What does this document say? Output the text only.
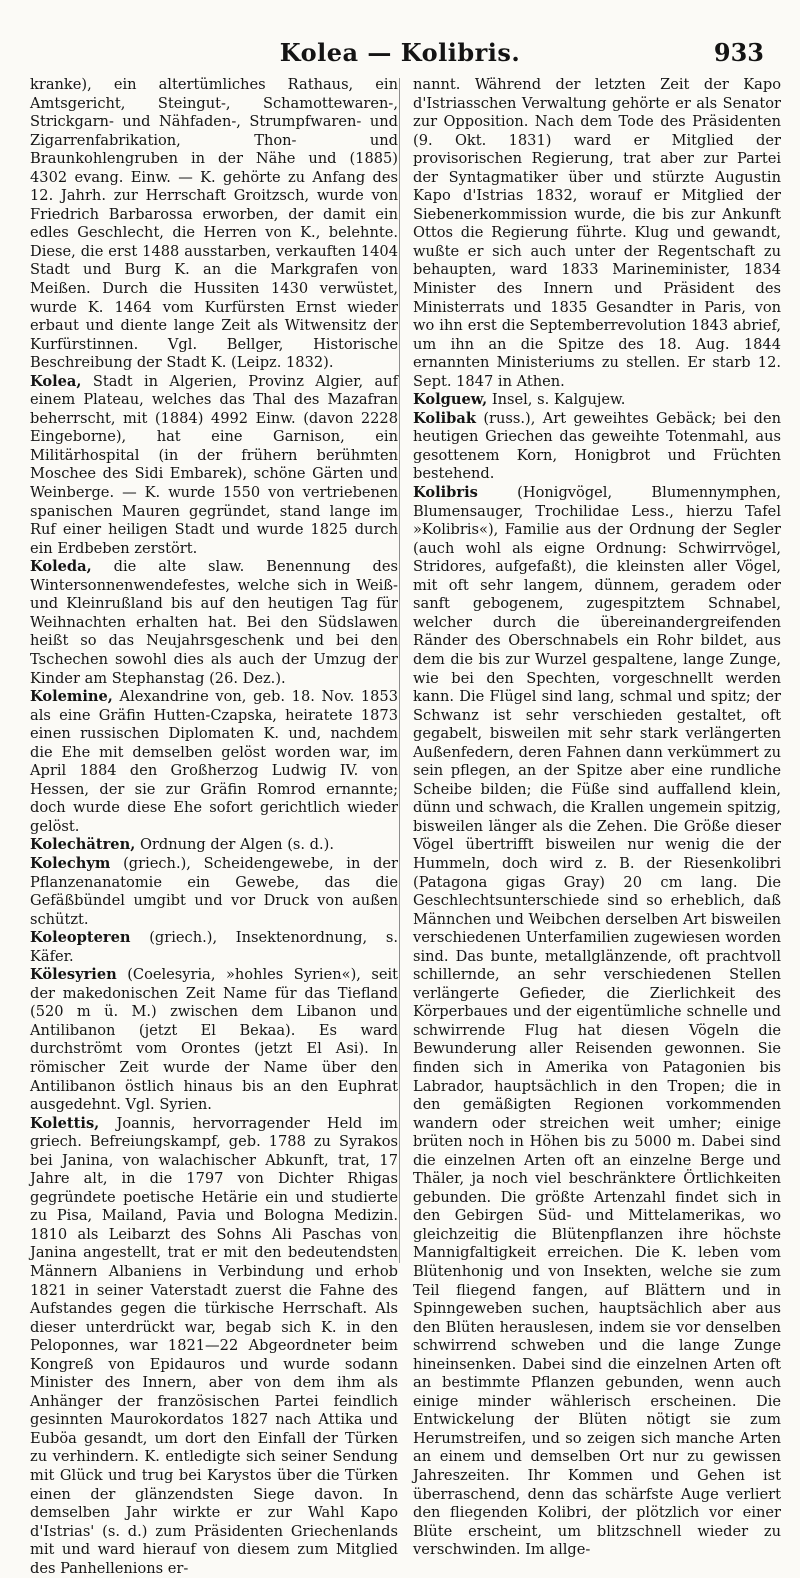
Kolea — Kolibris.	933

kranke), ein altertümliches Rathaus, ein Amtsgericht, Steingut-, Schamottewaren-, Strickgarn- und Nähfaden-, Strumpfwaren- und Zigarrenfabrikation, Thon- und Braunkohlengruben in der Nähe und (1885) 4302 evang. Einw. — K. gehörte zu Anfang des 12. Jahrh. zur Herrschaft Groitzsch, wurde von Friedrich Barbarossa erworben, der damit ein edles Geschlecht, die Herren von K., belehnte. Diese, die erst 1488 ausstarben, verkauften 1404 Stadt und Burg K. an die Markgrafen von Meißen. Durch die Hussiten 1430 verwüstet, wurde K. 1464 vom Kurfürsten Ernst wieder erbaut und diente lange Zeit als Witwensitz der Kurfürstinnen. Vgl. Bellger, Historische Beschreibung der Stadt K. (Leipz. 1832).

Kolea, Stadt in Algerien, Provinz Algier, auf einem Plateau, welches das Thal des Mazafran beherrscht, mit (1884) 4992 Einw. (davon 2228 Eingeborne), hat eine Garnison, ein Militärhospital (in der frühern berühmten Moschee des Sidi Embarek), schöne Gärten und Weinberge. — K. wurde 1550 von vertriebenen spanischen Mauren gegründet, stand lange im Ruf einer heiligen Stadt und wurde 1825 durch ein Erdbeben zerstört.

Koleda, die alte slaw. Benennung des Wintersonnenwendefestes, welche sich in Weiß- und Kleinrußland bis auf den heutigen Tag für Weihnachten erhalten hat. Bei den Südslawen heißt so das Neujahrsgeschenk und bei den Tschechen sowohl dies als auch der Umzug der Kinder am Stephanstag (26. Dez.).

Kolemine, Alexandrine von, geb. 18. Nov. 1853 als eine Gräfin Hutten-Czapska, heiratete 1873 einen russischen Diplomaten K. und, nachdem die Ehe mit demselben gelöst worden war, im April 1884 den Großherzog Ludwig IV. von Hessen, der sie zur Gräfin Romrod ernannte; doch wurde diese Ehe sofort gerichtlich wieder gelöst.

Kolechätren, Ordnung der Algen (s. d.).

Kolechym (griech.), Scheidengewebe, in der Pflanzenanatomie ein Gewebe, das die Gefäßbündel umgibt und vor Druck von außen schützt.

Koleopteren (griech.), Insektenordnung, s. Käfer.

Kölesyrien (Coelesyria, »hohles Syrien«), seit der makedonischen Zeit Name für das Tiefland (520 m ü. M.) zwischen dem Libanon und Antilibanon (jetzt El Bekaa). Es ward durchströmt vom Orontes (jetzt El Asi). In römischer Zeit wurde der Name über den Antilibanon östlich hinaus bis an den Euphrat ausgedehnt. Vgl. Syrien.

Kolettis, Joannis, hervorragender Held im griech. Befreiungskampf, geb. 1788 zu Syrakos bei Janina, von walachischer Abkunft, trat, 17 Jahre alt, in die 1797 von Dichter Rhigas gegründete poetische Hetärie ein und studierte zu Pisa, Mailand, Pavia und Bologna Medizin. 1810 als Leibarzt des Sohns Ali Paschas von Janina angestellt, trat er mit den bedeutendsten Männern Albaniens in Verbindung und erhob 1821 in seiner Vaterstadt zuerst die Fahne des Aufstandes gegen die türkische Herrschaft. Als dieser unterdrückt war, begab sich K. in den Peloponnes, war 1821—22 Abgeordneter beim Kongreß von Epidauros und wurde sodann Minister des Innern, aber von dem ihm als Anhänger der französischen Partei feindlich gesinnten Maurokordatos 1827 nach Attika und Euböa gesandt, um dort den Einfall der Türken zu verhindern. K. entledigte sich seiner Sendung mit Glück und trug bei Karystos über die Türken einen der glänzendsten Siege davon. In demselben Jahr wirkte er zur Wahl Kapo d'Istrias' (s. d.) zum Präsidenten Griechenlands mit und ward hierauf von diesem zum Mitglied des Panhellenions er-

nannt. Während der letzten Zeit der Kapo d'Istriasschen Verwaltung gehörte er als Senator zur Opposition. Nach dem Tode des Präsidenten (9. Okt. 1831) ward er Mitglied der provisorischen Regierung, trat aber zur Partei der Syntagmatiker über und stürzte Augustin Kapo d'Istrias 1832, worauf er Mitglied der Siebenerkommission wurde, die bis zur Ankunft Ottos die Regierung führte. Klug und gewandt, wußte er sich auch unter der Regentschaft zu behaupten, ward 1833 Marineminister, 1834 Minister des Innern und Präsident des Ministerrats und 1835 Gesandter in Paris, von wo ihn erst die Septemberrevolution 1843 abrief, um ihn an die Spitze des 18. Aug. 1844 ernannten Ministeriums zu stellen. Er starb 12. Sept. 1847 in Athen.

Kolguew, Insel, s. Kalgujew.

Kolibak (russ.), Art geweihtes Gebäck; bei den heutigen Griechen das geweihte Totenmahl, aus gesottenem Korn, Honigbrot und Früchten bestehend.

Kolibris	(Honigvögel, Blumennymphen, Blumensauger, Trochilidae Less., hierzu Tafel »Kolibris«), Familie aus der Ordnung der Segler (auch wohl als eigne Ordnung: Schwirrvögel, Stridores, aufgefaßt), die kleinsten aller Vögel, mit oft sehr langem, dünnem, geradem oder sanft gebogenem, zugespitztem Schnabel, welcher durch die übereinandergreifenden Ränder des Oberschnabels ein Rohr bildet, aus dem die bis zur Wurzel gespaltene, lange Zunge, wie bei den Spechten, vorgeschnellt werden kann. Die Flügel sind lang, schmal und spitz; der Schwanz ist sehr verschieden gestaltet, oft gegabelt, bisweilen mit sehr stark verlängerten Außenfedern, deren Fahnen dann verkümmert zu sein pflegen, an der Spitze aber eine rundliche Scheibe bilden; die Füße sind auffallend klein, dünn und schwach, die Krallen ungemein spitzig, bisweilen länger als die Zehen. Die Größe dieser Vögel übertrifft bisweilen nur wenig die der Hummeln, doch wird z. B. der Riesenkolibri (Patagona gigas Gray) 20 cm lang. Die Geschlechtsunterschiede sind so erheblich, daß Männchen und Weibchen derselben Art bisweilen verschiedenen Unterfamilien zugewiesen worden sind. Das bunte, metallglänzende, oft prachtvoll schillernde, an sehr verschiedenen Stellen verlängerte Gefieder, die Zierlichkeit des Körperbaues und der eigentümliche schnelle und schwirrende Flug hat diesen Vögeln die Bewunderung aller Reisenden gewonnen. Sie finden sich in Amerika von Patagonien bis Labrador, hauptsächlich in den Tropen; die in den gemäßigten Regionen vorkommenden wandern oder streichen weit umher; einige brüten noch in Höhen bis zu 5000 m. Dabei sind die einzelnen Arten oft an einzelne Berge und Thäler, ja noch viel beschränktere Örtlichkeiten gebunden. Die größte Artenzahl findet sich in den Gebirgen Süd- und Mittelamerikas, wo gleichzeitig die Blütenpflanzen ihre höchste Mannigfaltigkeit erreichen. Die K. leben vom Blütenhonig und von Insekten, welche sie zum Teil fliegend fangen, auf Blättern und in Spinngeweben suchen, hauptsächlich aber aus den Blüten herauslesen, indem sie vor denselben schwirrend schweben und die lange Zunge hineinsenken. Dabei sind die einzelnen Arten oft an bestimmte Pflanzen gebunden, wenn auch einige minder wählerisch erscheinen. Die Entwickelung der Blüten nötigt sie zum Herumstreifen, und so zeigen sich manche Arten an einem und demselben Ort nur zu gewissen Jahreszeiten. Ihr Kommen und Gehen ist überraschend, denn das schärfste Auge verliert den fliegenden Kolibri, der plötzlich vor einer Blüte erscheint, um blitzschnell wieder zu verschwinden. Im allge-
